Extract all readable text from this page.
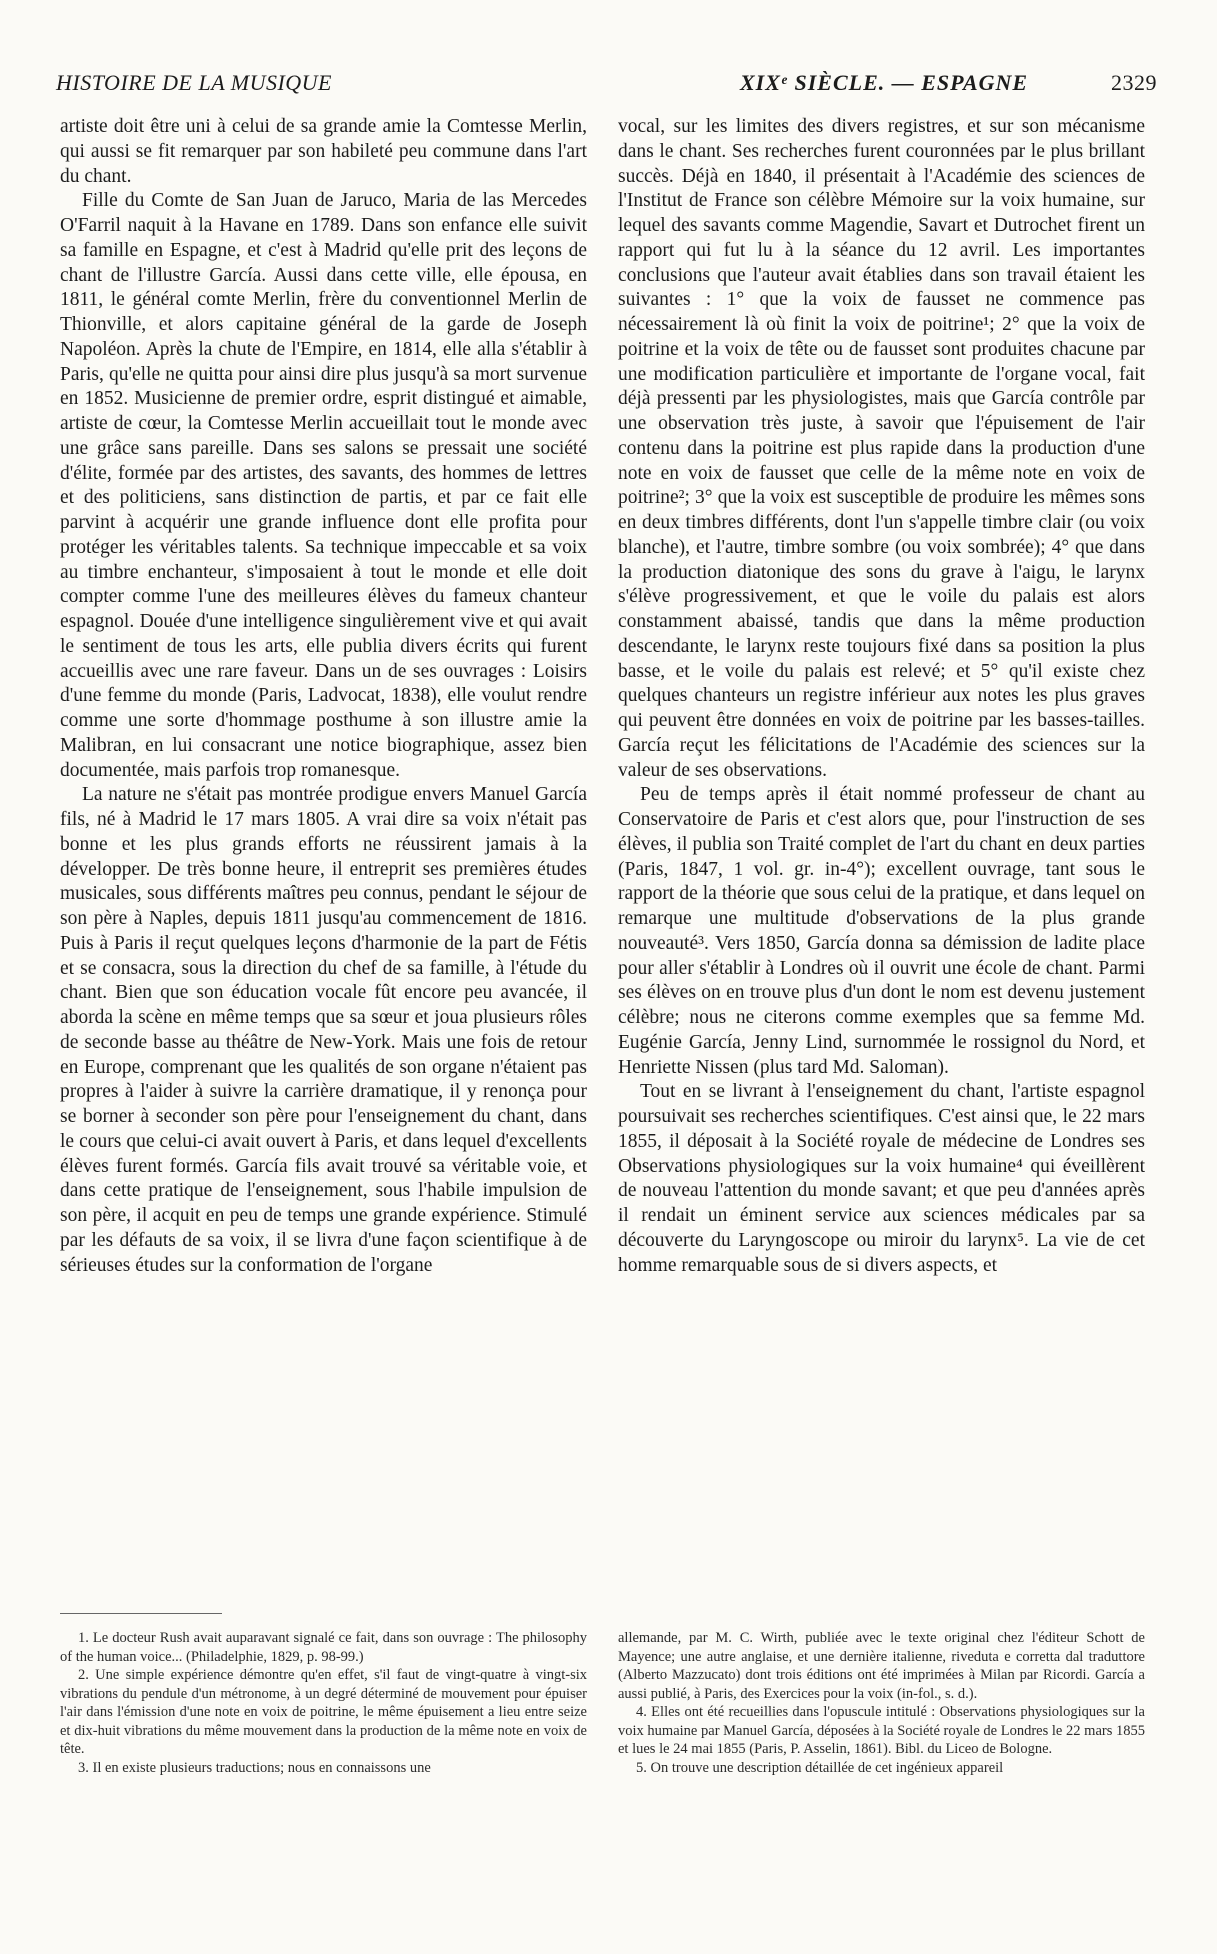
HISTOIRE DE LA MUSIQUE	XIXᵉ SIÈCLE. — ESPAGNE	2329

artiste doit être uni à celui de sa grande amie la Comtesse Merlin, qui aussi se fit remarquer par son habileté peu commune dans l'art du chant.

Fille du Comte de San Juan de Jaruco, Maria de las Mercedes O'Farril naquit à la Havane en 1789. Dans son enfance elle suivit sa famille en Espagne, et c'est à Madrid qu'elle prit des leçons de chant de l'illustre García. Aussi dans cette ville, elle épousa, en 1811, le général comte Merlin, frère du conventionnel Merlin de Thionville, et alors capitaine général de la garde de Joseph Napoléon. Après la chute de l'Empire, en 1814, elle alla s'établir à Paris, qu'elle ne quitta pour ainsi dire plus jusqu'à sa mort survenue en 1852. Musicienne de premier ordre, esprit distingué et aimable, artiste de cœur, la Comtesse Merlin accueillait tout le monde avec une grâce sans pareille. Dans ses salons se pressait une société d'élite, formée par des artistes, des savants, des hommes de lettres et des politiciens, sans distinction de partis, et par ce fait elle parvint à acquérir une grande influence dont elle profita pour protéger les véritables talents. Sa technique impeccable et sa voix au timbre enchanteur, s'imposaient à tout le monde et elle doit compter comme l'une des meilleures élèves du fameux chanteur espagnol. Douée d'une intelligence singulièrement vive et qui avait le sentiment de tous les arts, elle publia divers écrits qui furent accueillis avec une rare faveur. Dans un de ses ouvrages : Loisirs d'une femme du monde (Paris, Ladvocat, 1838), elle voulut rendre comme une sorte d'hommage posthume à son illustre amie la Malibran, en lui consacrant une notice biographique, assez bien documentée, mais parfois trop romanesque.

La nature ne s'était pas montrée prodigue envers Manuel García fils, né à Madrid le 17 mars 1805. A vrai dire sa voix n'était pas bonne et les plus grands efforts ne réussirent jamais à la développer. De très bonne heure, il entreprit ses premières études musicales, sous différents maîtres peu connus, pendant le séjour de son père à Naples, depuis 1811 jusqu'au commencement de 1816. Puis à Paris il reçut quelques leçons d'harmonie de la part de Fétis et se consacra, sous la direction du chef de sa famille, à l'étude du chant. Bien que son éducation vocale fût encore peu avancée, il aborda la scène en même temps que sa sœur et joua plusieurs rôles de seconde basse au théâtre de New-York. Mais une fois de retour en Europe, comprenant que les qualités de son organe n'étaient pas propres à l'aider à suivre la carrière dramatique, il y renonça pour se borner à seconder son père pour l'enseignement du chant, dans le cours que celui-ci avait ouvert à Paris, et dans lequel d'excellents élèves furent formés. García fils avait trouvé sa véritable voie, et dans cette pratique de l'enseignement, sous l'habile impulsion de son père, il acquit en peu de temps une grande expérience. Stimulé par les défauts de sa voix, il se livra d'une façon scientifique à de sérieuses études sur la conformation de l'organe

vocal, sur les limites des divers registres, et sur son mécanisme dans le chant. Ses recherches furent couronnées par le plus brillant succès. Déjà en 1840, il présentait à l'Académie des sciences de l'Institut de France son célèbre Mémoire sur la voix humaine, sur lequel des savants comme Magendie, Savart et Dutrochet firent un rapport qui fut lu à la séance du 12 avril. Les importantes conclusions que l'auteur avait établies dans son travail étaient les suivantes : 1° que la voix de fausset ne commence pas nécessairement là où finit la voix de poitrine¹; 2° que la voix de poitrine et la voix de tête ou de fausset sont produites chacune par une modification particulière et importante de l'organe vocal, fait déjà pressenti par les physiologistes, mais que García contrôle par une observation très juste, à savoir que l'épuisement de l'air contenu dans la poitrine est plus rapide dans la production d'une note en voix de fausset que celle de la même note en voix de poitrine²; 3° que la voix est susceptible de produire les mêmes sons en deux timbres différents, dont l'un s'appelle timbre clair (ou voix blanche), et l'autre, timbre sombre (ou voix sombrée); 4° que dans la production diatonique des sons du grave à l'aigu, le larynx s'élève progressivement, et que le voile du palais est alors constamment abaissé, tandis que dans la même production descendante, le larynx reste toujours fixé dans sa position la plus basse, et le voile du palais est relevé; et 5° qu'il existe chez quelques chanteurs un registre inférieur aux notes les plus graves qui peuvent être données en voix de poitrine par les basses-tailles. García reçut les félicitations de l'Académie des sciences sur la valeur de ses observations.

Peu de temps après il était nommé professeur de chant au Conservatoire de Paris et c'est alors que, pour l'instruction de ses élèves, il publia son Traité complet de l'art du chant en deux parties (Paris, 1847, 1 vol. gr. in-4°); excellent ouvrage, tant sous le rapport de la théorie que sous celui de la pratique, et dans lequel on remarque une multitude d'observations de la plus grande nouveauté³. Vers 1850, García donna sa démission de ladite place pour aller s'établir à Londres où il ouvrit une école de chant. Parmi ses élèves on en trouve plus d'un dont le nom est devenu justement célèbre; nous ne citerons comme exemples que sa femme Md. Eugénie García, Jenny Lind, surnommée le rossignol du Nord, et Henriette Nissen (plus tard Md. Saloman).

Tout en se livrant à l'enseignement du chant, l'artiste espagnol poursuivait ses recherches scientifiques. C'est ainsi que, le 22 mars 1855, il déposait à la Société royale de médecine de Londres ses Observations physiologiques sur la voix humaine⁴ qui éveillèrent de nouveau l'attention du monde savant; et que peu d'années après il rendait un éminent service aux sciences médicales par sa découverte du Laryngoscope ou miroir du larynx⁵. La vie de cet homme remarquable sous de si divers aspects, et

1. Le docteur Rush avait auparavant signalé ce fait, dans son ouvrage : The philosophy of the human voice... (Philadelphie, 1829, p. 98-99.)

2. Une simple expérience démontre qu'en effet, s'il faut de vingt-quatre à vingt-six vibrations du pendule d'un métronome, à un degré déterminé de mouvement pour épuiser l'air dans l'émission d'une note en voix de poitrine, le même épuisement a lieu entre seize et dix-huit vibrations du même mouvement dans la production de la même note en voix de tête.

3. Il en existe plusieurs traductions; nous en connaissons une

allemande, par M. C. Wirth, publiée avec le texte original chez l'éditeur Schott de Mayence; une autre anglaise, et une dernière italienne, riveduta e corretta dal traduttore (Alberto Mazzucato) dont trois éditions ont été imprimées à Milan par Ricordi. García a aussi publié, à Paris, des Exercices pour la voix (in-fol., s. d.).

4. Elles ont été recueillies dans l'opuscule intitulé : Observations physiologiques sur la voix humaine par Manuel García, déposées à la Société royale de Londres le 22 mars 1855 et lues le 24 mai 1855 (Paris, P. Asselin, 1861). Bibl. du Liceo de Bologne.

5. On trouve une description détaillée de cet ingénieux appareil
